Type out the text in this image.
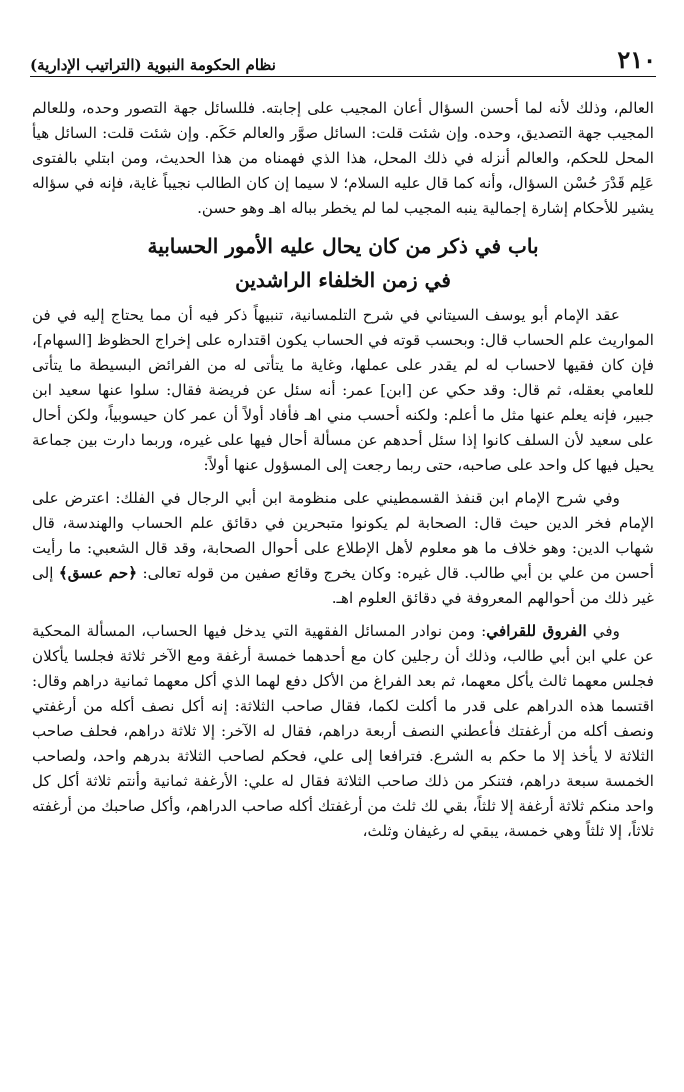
٢١٠
نظام الحكومة النبوية (التراتيب الإدارية)

العالم، وذلك لأنه لما أحسن السؤال أعان المجيب على إجابته. فللسائل جهة التصور وحده، وللعالم المجيب جهة التصديق، وحده. وإن شئت قلت: السائل صوَّر والعالم حَكَم. وإن شئت قلت: السائل هيأ المحل للحكم، والعالم أنزله في ذلك المحل، هذا الذي فهمناه من هذا الحديث، ومن ابتلي بالفتوى عَلِم قَدْرَ حُسْن السؤال، وأنه كما قال عليه السلام؛ لا سيما إن كان الطالب نجيباً غاية، فإنه في سؤاله يشير للأحكام إشارة إجمالية ينبه المجيب لما لم يخطر بباله اهـ وهو حسن.

باب في ذكر من كان يحال عليه الأمور الحسابية
في زمن الخلفاء الراشدين

عقد الإمام أبو يوسف السيتاني في شرح التلمسانية، تنبيهاً ذكر فيه أن مما يحتاج إليه في فن المواريث علم الحساب قال: وبحسب قوته في الحساب يكون اقتداره على إخراج الحظوظ [السهام]، فإن كان فقيها لاحساب له لم يقدر على عملها، وغاية ما يتأتى له من الفرائض البسيطة ما يتأتى للعامي بعقله، ثم قال: وقد حكي عن [ابن] عمر: أنه سئل عن فريضة فقال: سلوا عنها سعيد ابن جبير، فإنه يعلم عنها مثل ما أعلم: ولكنه أحسب مني اهـ فأفاد أولاً أن عمر كان حيسوبياً، ولكن أحال على سعيد لأن السلف كانوا إذا سئل أحدهم عن مسألة أحال فيها على غيره، وربما دارت بين جماعة يحيل فيها كل واحد على صاحبه، حتى ربما رجعت إلى المسؤول عنها أولاً:

وفي شرح الإمام ابن قنفذ القسمطيني على منظومة ابن أبي الرجال في الفلك: اعترض على الإمام فخر الدين حيث قال: الصحابة لم يكونوا متبحرين في دقائق علم الحساب والهندسة، قال شهاب الدين: وهو خلاف ما هو معلوم لأهل الإطلاع على أحوال الصحابة، وقد قال الشعبي: ما رأيت أحسن من علي بن أبي طالب. قال غيره: وكان يخرج وقائع صفين من قوله تعالى: ﴿حم عسق﴾ إلى غير ذلك من أحوالهم المعروفة في دقائق العلوم اهـ.

وفي الفروق للقرافي: ومن نوادر المسائل الفقهية التي يدخل فيها الحساب، المسألة المحكية عن علي ابن أبي طالب، وذلك أن رجلين كان مع أحدهما خمسة أرغفة ومع الآخر ثلاثة فجلسا يأكلان فجلس معهما ثالث يأكل معهما، ثم بعد الفراغ من الأكل دفع لهما الذي أكل معهما ثمانية دراهم وقال: اقتسما هذه الدراهم على قدر ما أكلت لكما، فقال صاحب الثلاثة: إنه أكل نصف أكله من أرغفتي ونصف أكله من أرغفتك فأعطني النصف أربعة دراهم، فقال له الآخر: إلا ثلاثة دراهم، فحلف صاحب الثلاثة لا يأخذ إلا ما حكم به الشرع. فترافعا إلى علي، فحكم لصاحب الثلاثة بدرهم واحد، ولصاحب الخمسة سبعة دراهم، فتنكر من ذلك صاحب الثلاثة فقال له علي: الأرغفة ثمانية وأنتم ثلاثة أكل كل واحد منكم ثلاثة أرغفة إلا ثلثاً، بقي لك ثلث من أرغفتك أكله صاحب الدراهم، وأكل صاحبك من أرغفته ثلاثاً، إلا ثلثاً وهي خمسة، يبقي له رغيفان وثلث،
